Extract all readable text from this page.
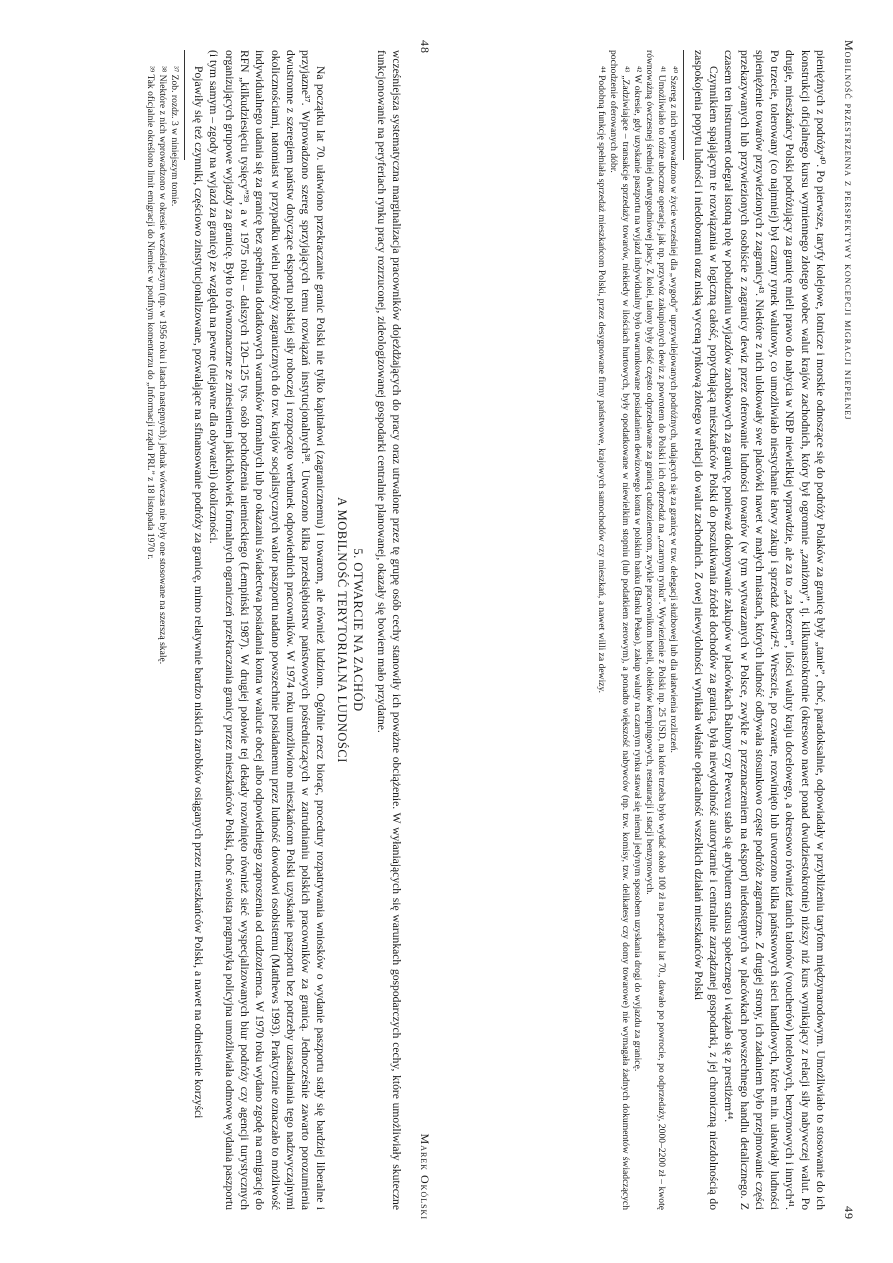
48
Marek Okólski

wcześniejsza systematyczna marginalizacja pracowników dojeżdżających do pracy oraz utrwalone przez tę grupę osób cechy stanowiły ich poważne obciążenie. W wyłaniających się warunkach gospodarczych cechy, które umożliwiały skuteczne funkcjonowanie na peryferiach rynku pracy rozrzuconej, zideologizowanej gospodarki centralnie planowanej, okazały się bowiem mało przydatne.

5. OTWARCIE NA ZACHÓD
A MOBILNOŚĆ TERYTORIALNA LUDNOŚCI

Na początku lat 70. ułatwiono przekraczanie granic Polski nie tylko kapitałowi (zagranicznemu) i towarom, ale również ludziom. Ogólnie rzecz biorąc, procedury rozpatrywania wniosków o wydanie paszportu stały się bardziej liberalne i przyjazne³⁷. Wprowadzono szereg sprzyjających temu rozwiązań instytucjonalnych³⁸. Utworzono kilka przedsiębiorstw państwowych pośredniczących w zatrudnianiu polskich pracowników za granicą. Jednocześnie zawarto porozumienia dwustronne z szeregiem państw dotyczące eksportu polskiej siły roboczej i rozpoczęto werbunek odpowiednich pracowników. W 1974 roku umożliwiono mieszkańcom Polski uzyskanie paszportu bez potrzeby uzasadniania tego nadzwyczajnymi okolicznościami, natomiast w przypadku wielu podróży zagranicznych do tzw. krajów socjalistycznych walor paszportu nadano powszechnie posiadanemu przez ludność dowodowi osobistemu (Matthews 1993). Praktycznie oznaczało to możliwość indywidualnego udania się za granicę bez spełnienia dodatkowych warunków formalnych lub po okazaniu świadectwa posiadania konta w walucie obcej albo odpowiedniego zaproszenia od cudzoziemca. W 1970 roku wydano zgodę na emigrację do RFN „kilkudziesięciu tysięcy”³⁹, a w 1975 roku – dalszych 120–125 tys. osób pochodzenia niemieckiego (Łempiński 1987). W drugiej połowie tej dekady rozwinięto również sieć wyspecjalizowanych biur podróży czy agencji turystycznych organizujących grupowe wyjazdy za granicę. Było to równoznaczne ze zniesieniem jakichkolwiek formalnych ograniczeń przekraczania granicy przez mieszkańców Polski, choć swoista pragmatyka policyjna umożliwiała odmowę wydania paszportu (i tym samym – zgody na wyjazd za granicę) ze względu na pewne (niejawne dla obywateli) okoliczności.

Pojawiły się też czynniki, częściowo zinstytucjonalizowane, pozwalające na sfinansowanie podróży za granicę, mimo relatywnie bardzo niskich zarobków osiąganych przez mieszkańców Polski, a nawet na odniesienie korzyści

³⁷ Zob. rozdz. 3 w niniejszym tomie.

³⁸ Niektóre z nich wprowadzono w okresie wcześniejszym (np. w 1956 roku i latach następnych), jednak wówczas nie były one stosowane na szerszą skalę.

³⁹ Tak oficjalnie określono limit emigracji do Niemiec w poufnym komentarzu do „Informacji rządu PRL” z 18 listopada 1970 r.	Mobilność przestrzenna z perspektywy koncepcji migracji niepełnej
49

pieniężnych z podróży⁴⁰. Po pierwsze, taryfy kolejowe, lotnicze i morskie odnoszące się do podróży Polaków za granicę były „tanie”, choć, paradoksalnie, odpowiadały w przybliżeniu taryfom międzynarodowym. Umożliwiało to stosowanie do ich konstrukcji oficjalnego kursu wymiennego złotego wobec walut krajów zachodnich, który był ogromnie „zaniżony”, tj. kilkunastokrotnie (okresowo nawet ponad dwudziestokrotnie) niższy niż kurs wynikający z relacji siły nabywczej walut. Po drugie, mieszkańcy Polski podróżujący za granicę mieli prawo do nabycia w NBP niewielkiej wprawdzie, ale za to „za bezcen”, ilości waluty kraju docelowego, a okresowo również tanich talonów (voucherów) hotelowych, benzynowych i innych⁴¹. Po trzecie, tolerowany (co najmniej) był czarny rynek walutowy, co umożliwiało niestychanie łatwy zakup i sprzedaż dewiz⁴². Wreszcie, po czwarte, rozwinięto lub utworzono kilka państwowych sieci handlowych, które m.in. ułatwiały ludności spieniężenie towarów przywiezionych z zagranicy⁴³. Niektóre z nich ulokowały swe placówki nawet w małych miastach, których ludność odbywała stosunkowo częste podróże zagraniczne. Z drugiej strony, ich zadaniem było przejmowanie części przekazywanych lub przywiezionych osobiście z zagranicy dewiz przez oferowanie ludności towarów (w tym wytwarzanych w Polsce, zwykle z przeznaczeniem na eksport) niedostępnych w placówkach powszechnego handlu detalicznego. Z czasem ten instrument odegrał istotną rolę w pobudzaniu wyjazdów zarobkowych za granicę, ponieważ dokonywanie zakupów w placówkach Baltony czy Pewexu stało się atrybutem statusu społecznego i wiązało się z prestiżem⁴⁴.

Czynnikiem spajającym te rozwiązania w logiczną całość, popychającą mieszkańców Polski do poszukiwania źródeł dochodów za granicą, była niewydolność autorytarnie i centralnie zarządzanej gospodarki, z jej chroniczną niezdolnością do zaspokojenia popytu ludności i niedoborami oraz niską wyceną rynkową złotego w relacji do walut zachodnich. Z owej niewydolności wynikała właśnie opłacalność wszelkich działań mieszkańców Polski

⁴⁰ Szereg z nich wprowadzono w życie wcześniej dla „wygody” uprzywilejowanych podróżnych, udających się za granicę w tzw. delegacji służbowej lub dla ułatwienia rozliczeń.

⁴¹ Umożliwiało to różne uboczne operacje, jak np. przywóz zakupionych dewiz z powrotem do Polski i ich odprzedaż na „czarnym rynku”. Wywiezienie z Polski np. 25 USD, na które trzeba było wydać około 100 zł na początku lat 70., dawało po powrocie, po odprzedaży, 2000–2200 zł – kwotę równoważną ówczesnej średniej dwutygodniowej płacy. Z kolei, talony były dość często odprzedawane za granicą cudzoziemcom, zwykle pracownikom hoteli, obiektów kempingowych, restauracji i stacji benzynowych.

⁴² W okresie, gdy uzyskanie paszportu na wyjazd indywidualny było uwarunkowane posiadaniem dewizowego konta w polskim banku (Banku Pekao), zakup waluty na czarnym rynku stawał się niemal jedynym sposobem uzyskania drogi do wyjazdu za granicę.

⁴³ „Zadziwiające – transakcje sprzedaży towarów, niekiedy w ilościach hurtowych, były opodatkowane w niewielkim stopniu (lub podatkiem zerowym), a ponadto większość nabywców (np. tzw. komisy, tzw. delikatesy czy domy towarowe) nie wymagała żadnych dokumentów świadczących pochodzenie oferowanych dóbr.

⁴⁴ Podobną funkcję spełniała sprzedaż mieszkańcom Polski, przez desygnowane firmy państwowe, krajowych samochodów czy mieszkań, a nawet willi za dewizy.
